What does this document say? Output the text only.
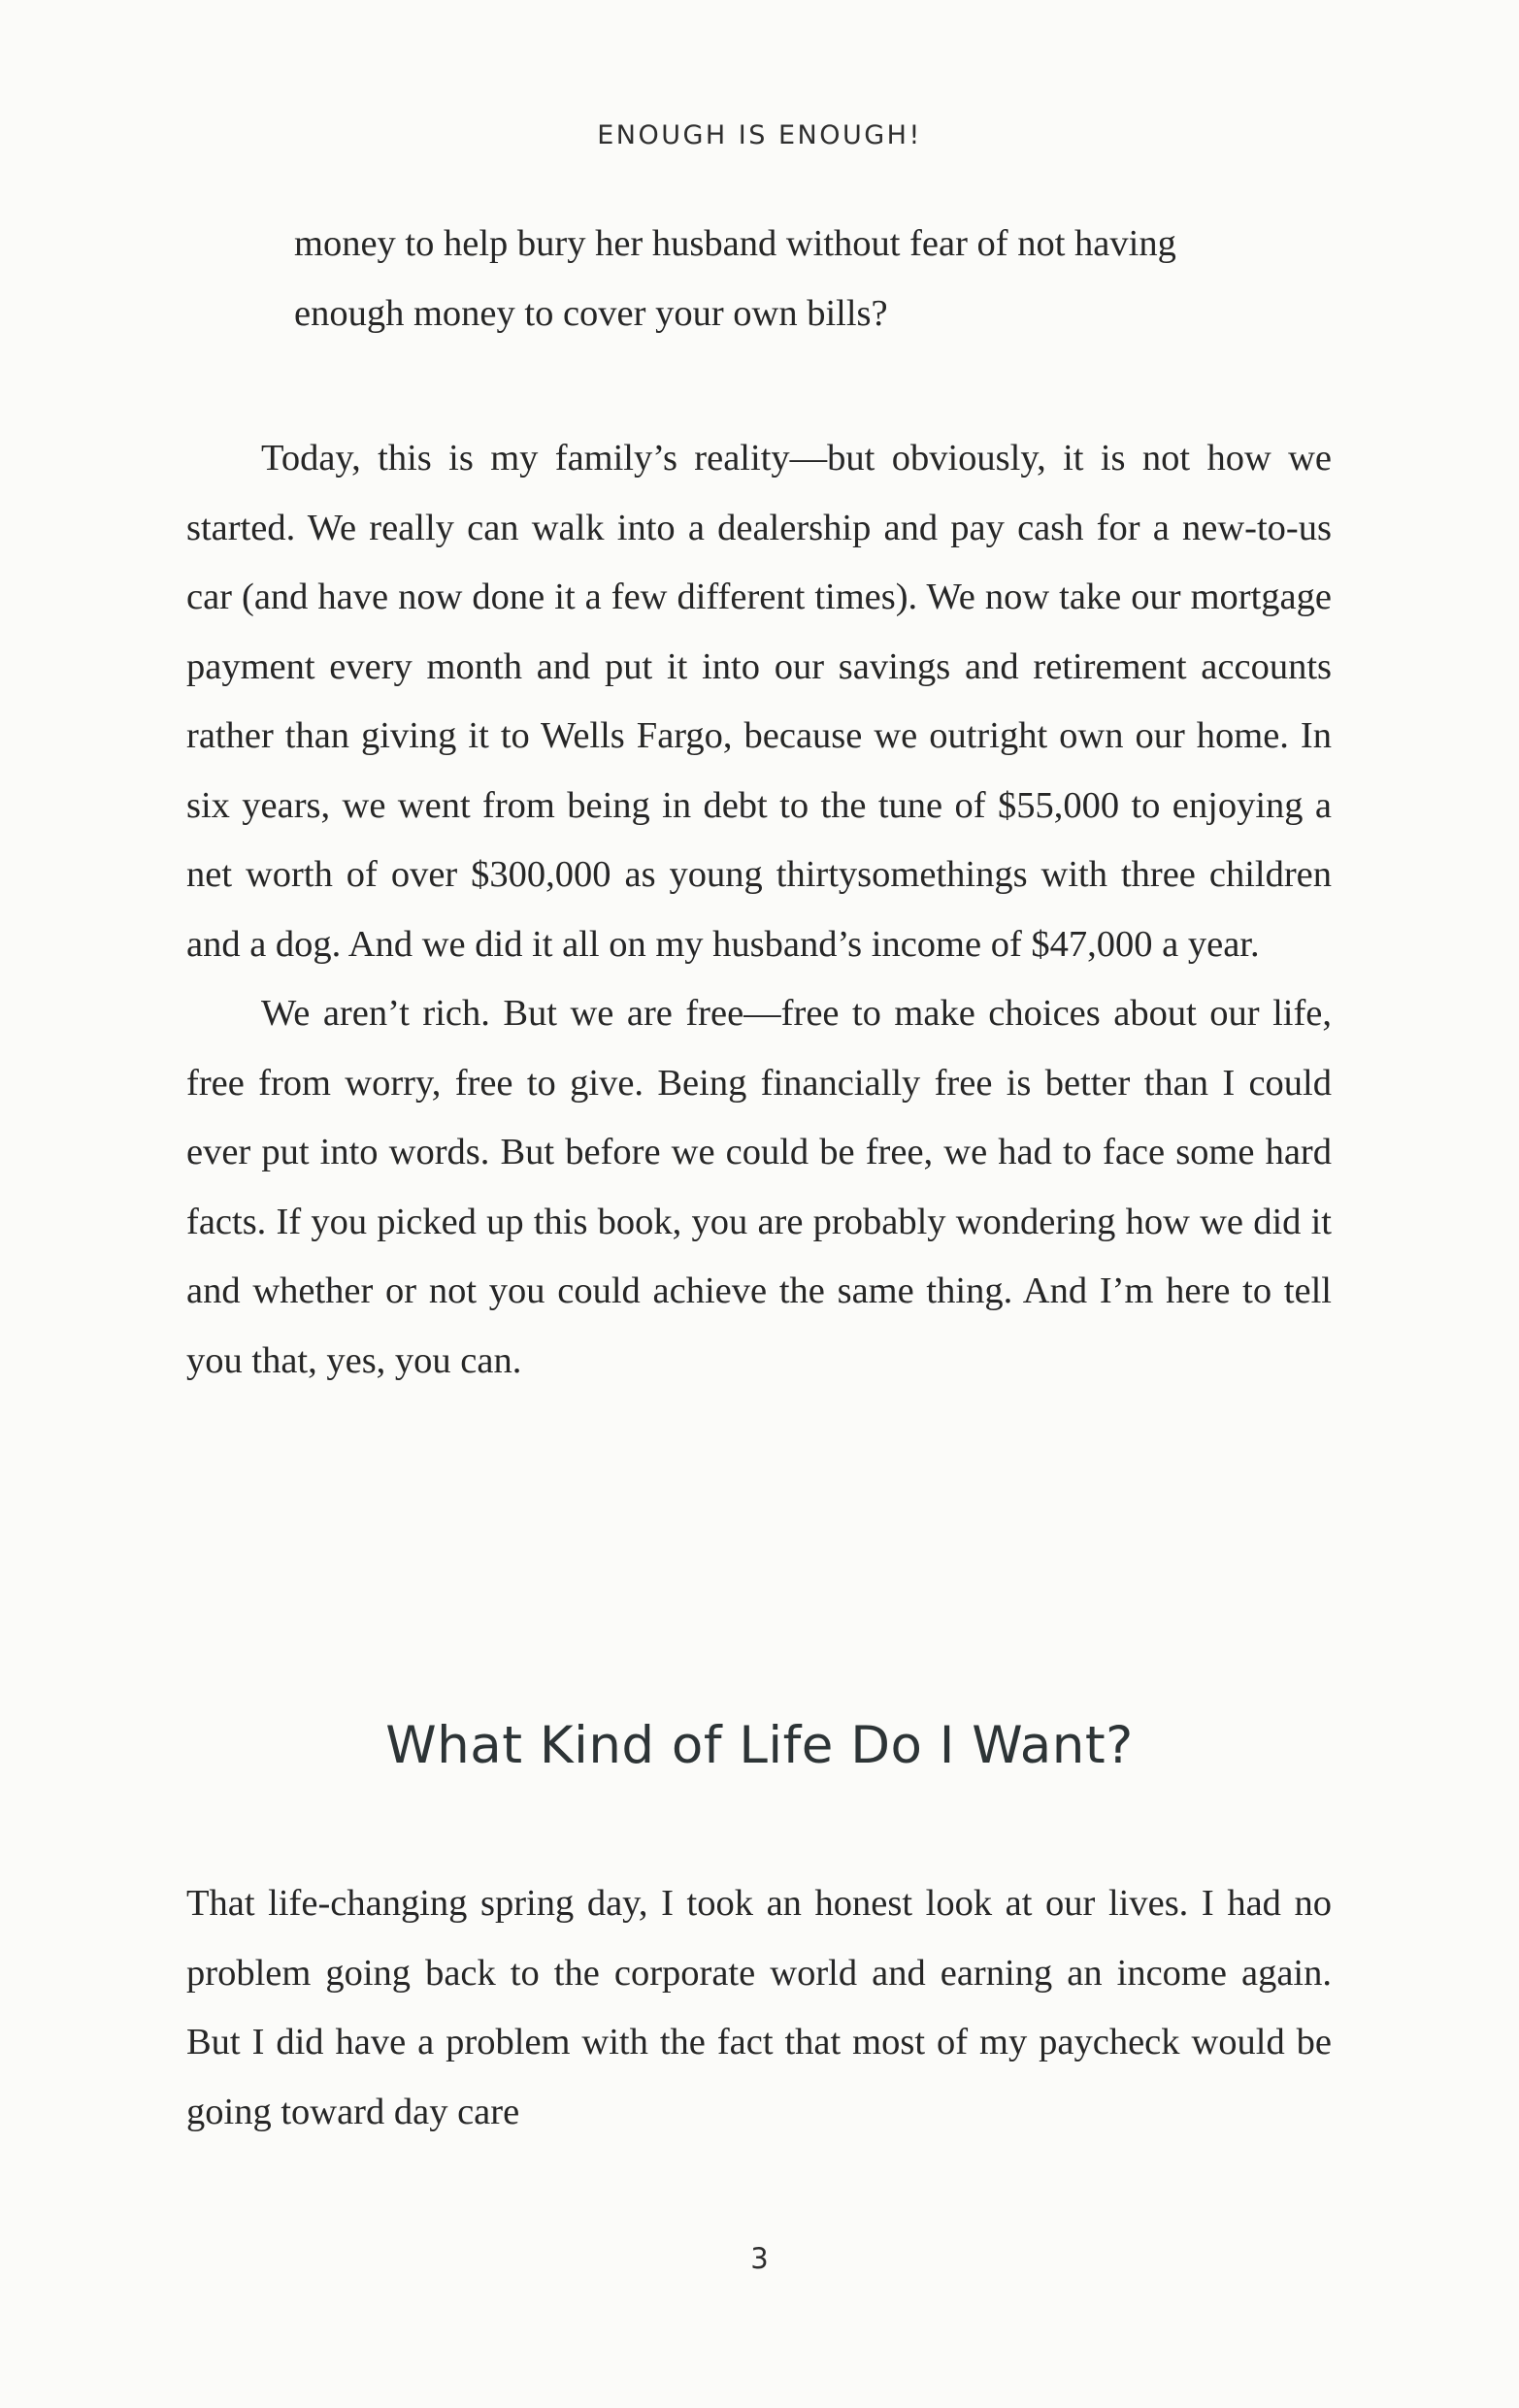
ENOUGH IS ENOUGH!

money to help bury her husband without fear of not having enough money to cover your own bills?

Today, this is my family’s reality—but obviously, it is not how we started. We really can walk into a dealership and pay cash for a new-to-us car (and have now done it a few different times). We now take our mortgage payment every month and put it into our savings and retirement accounts rather than giving it to Wells Fargo, because we outright own our home. In six years, we went from being in debt to the tune of $55,000 to enjoying a net worth of over $300,000 as young thirtysomethings with three children and a dog. And we did it all on my husband’s income of $47,000 a year.

We aren’t rich. But we are free—free to make choices about our life, free from worry, free to give. Being financially free is better than I could ever put into words. But before we could be free, we had to face some hard facts. If you picked up this book, you are probably wondering how we did it and whether or not you could achieve the same thing. And I’m here to tell you that, yes, you can.

What Kind of Life Do I Want?

That life-changing spring day, I took an honest look at our lives. I had no problem going back to the corporate world and earning an income again. But I did have a problem with the fact that most of my paycheck would be going toward day care

3
